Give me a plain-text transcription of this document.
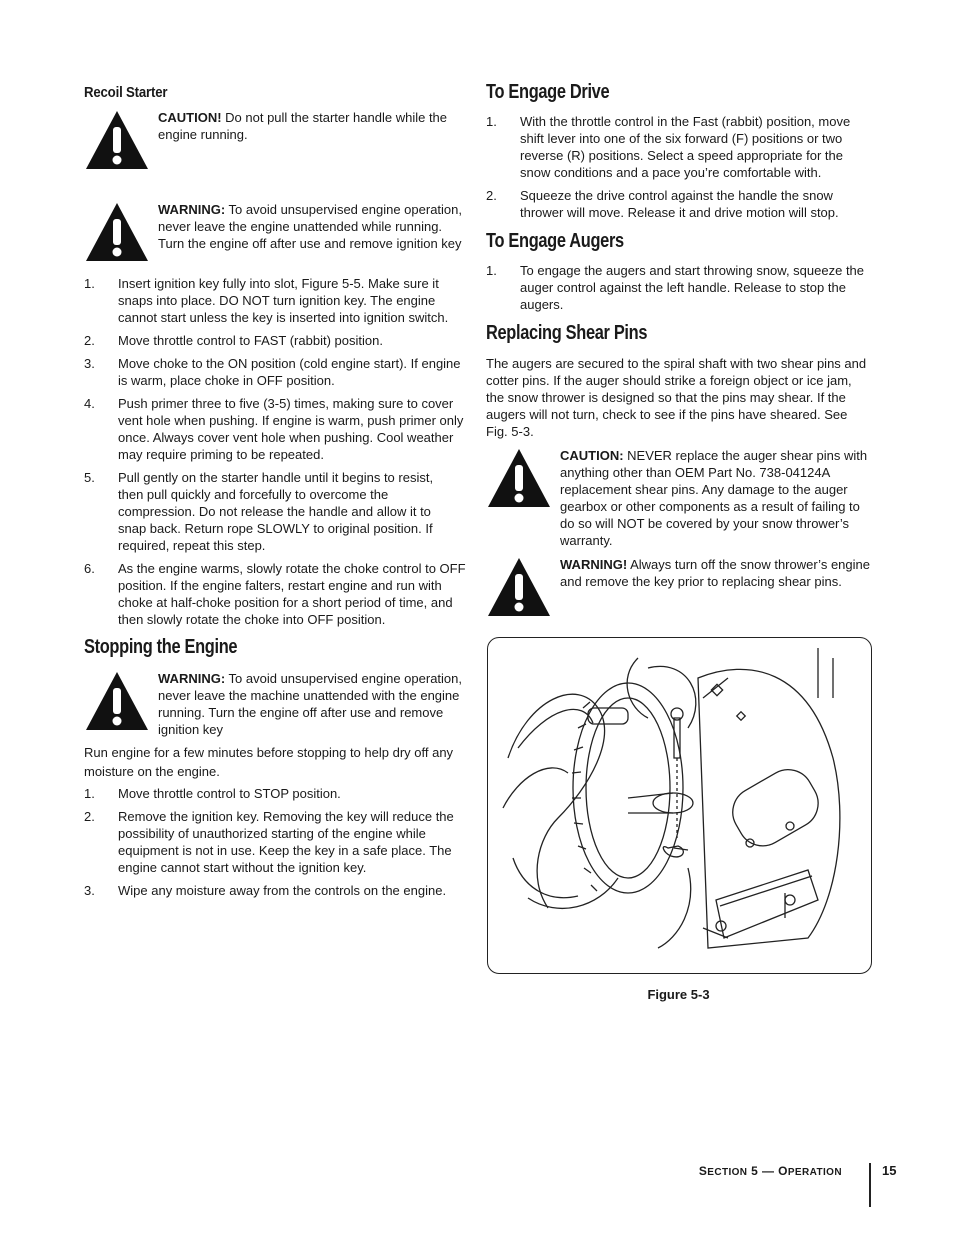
Recoil Starter
CAUTION! Do not pull the starter handle while the engine running.
WARNING: To avoid unsupervised engine operation, never leave the engine unattended while running. Turn the engine off after use and remove ignition key
1.	Insert ignition key fully into slot, Figure 5-5. Make sure it snaps into place. DO NOT turn ignition key. The engine cannot start unless the key is inserted into ignition switch.
2.	Move throttle control to FAST (rabbit) position.
3.	Move choke to the ON position (cold engine start). If engine is warm, place choke in OFF position.
4.	Push primer three to five (3-5) times, making sure to cover vent hole when pushing. If engine is warm, push primer only once. Always cover vent hole when pushing. Cool weather may require priming to be repeated.
5.	Pull gently on the starter handle until it begins to resist, then pull quickly and forcefully to overcome the compression. Do not release the handle and allow it to snap back. Return rope SLOWLY to original position. If required, repeat this step.
6.	As the engine warms, slowly rotate the choke control to OFF position. If the engine falters, restart engine and run with choke at half-choke position for a short period of time, and then slowly rotate the choke into OFF position.
Stopping the Engine
WARNING: To avoid unsupervised engine operation, never leave the machine unattended with the engine running. Turn the engine off after use and remove ignition key
Run engine for a few minutes before stopping to help dry off any moisture on the engine.
1.	Move throttle control to STOP position.
2.	Remove the ignition key. Removing the key will reduce the possibility of unauthorized starting of the engine while equipment is not in use. Keep the key in a safe place. The engine cannot start without the ignition key.
3.	Wipe any moisture away from the controls on the engine.
To Engage Drive
1.	With the throttle control in the Fast (rabbit) position, move shift lever into one of the six forward (F) positions or two reverse (R) positions. Select a speed appropriate for the snow conditions and a pace you’re comfortable with.
2.	Squeeze the drive control against the handle the snow thrower will move. Release it and drive motion will stop.
To Engage Augers
1.	To engage the augers and start throwing snow, squeeze the auger control against the left handle. Release to stop the augers.
Replacing Shear Pins
The augers are secured to the spiral shaft with two shear pins and cotter pins. If the auger should strike a foreign object or ice jam, the snow thrower is designed so that the pins may shear. If the augers will not turn, check to see if the pins have sheared. See Fig. 5-3.
CAUTION: NEVER replace the auger shear pins with anything other than OEM Part No. 738-04124A replacement shear pins. Any damage to the auger gearbox or other components as a result of failing to do so will NOT be covered by your snow thrower’s warranty.
WARNING! Always turn off the snow thrower’s engine and remove the key prior to replacing shear pins.
Figure 5-3
SECTION 5 — OPERATION	15
